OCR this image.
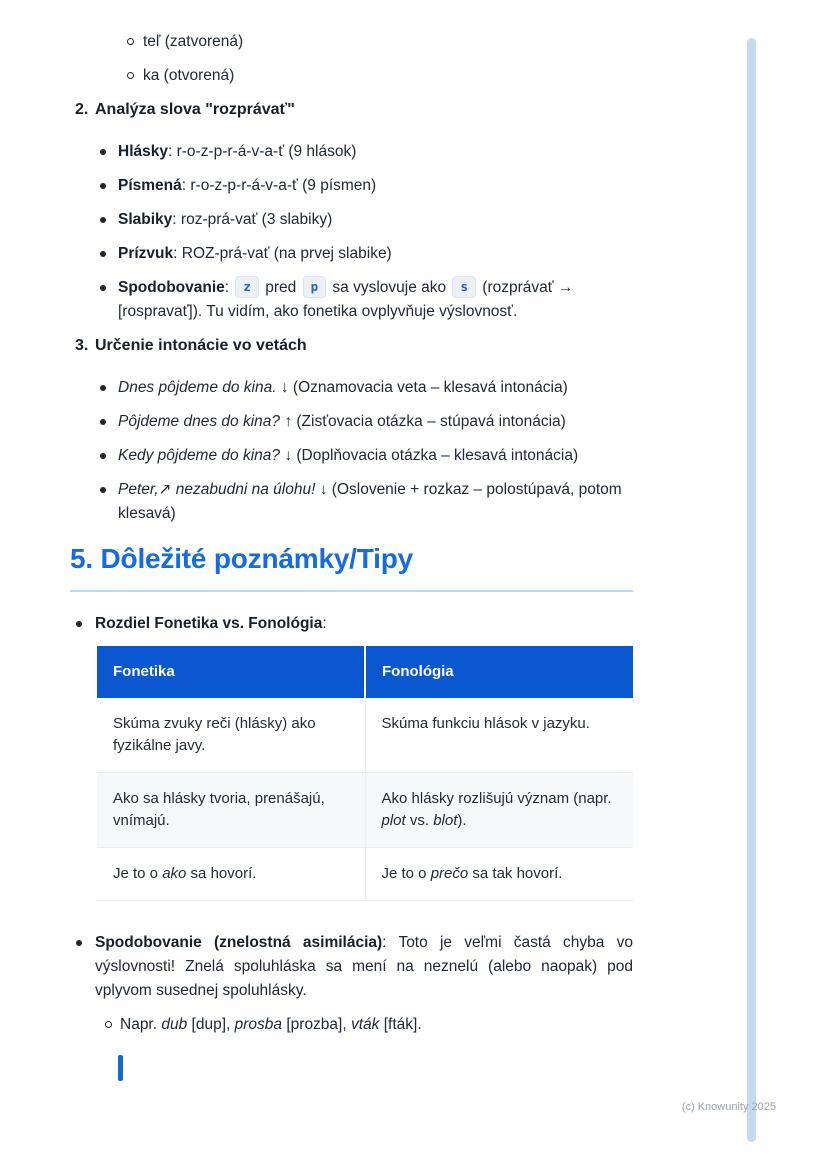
teľ (zatvorená)
ka (otvorená)
2. Analýza slova "rozprávať"
Hlásky: r-o-z-p-r-á-v-a-ť (9 hlások)
Písmená: r-o-z-p-r-á-v-a-ť (9 písmen)
Slabiky: roz-prá-vať (3 slabiky)
Prízvuk: ROZ-prá-vať (na prvej slabike)
Spodobovanie: z pred p sa vyslovuje ako s (rozprávať → [rospravať]). Tu vidím, ako fonetika ovplyvňuje výslovnosť.
3. Určenie intonácie vo vetách
Dnes pôjdeme do kina. ↓ (Oznamovacia veta – klesavá intonácia)
Pôjdeme dnes do kina? ↑ (Zisťovacia otázka – stúpavá intonácia)
Kedy pôjdeme do kina? ↓ (Doplňovacia otázka – klesavá intonácia)
Peter,↗ nezabudni na úlohu! ↓ (Oslovenie + rozkaz – polostúpavá, potom klesavá)
5. Dôležité poznámky/Tipy
Rozdiel Fonetika vs. Fonológia:
Fonetika	Fonológia
Skúma zvuky reči (hlásky) ako fyzikálne javy.	Skúma funkciu hlások v jazyku.
Ako sa hlásky tvoria, prenášajú, vnímajú.	Ako hlásky rozlišujú význam (napr. plot vs. blot).
Je to o ako sa hovorí.	Je to o prečo sa tak hovorí.
Spodobovanie (znelostná asimilácia): Toto je veľmi častá chyba vo výslovnosti! Znelá spoluhláska sa mení na neznelú (alebo naopak) pod vplyvom susednej spoluhlásky.
Napr. dub [dup], prosba [prozba], vták [fták].
(c) Knowunity 2025
